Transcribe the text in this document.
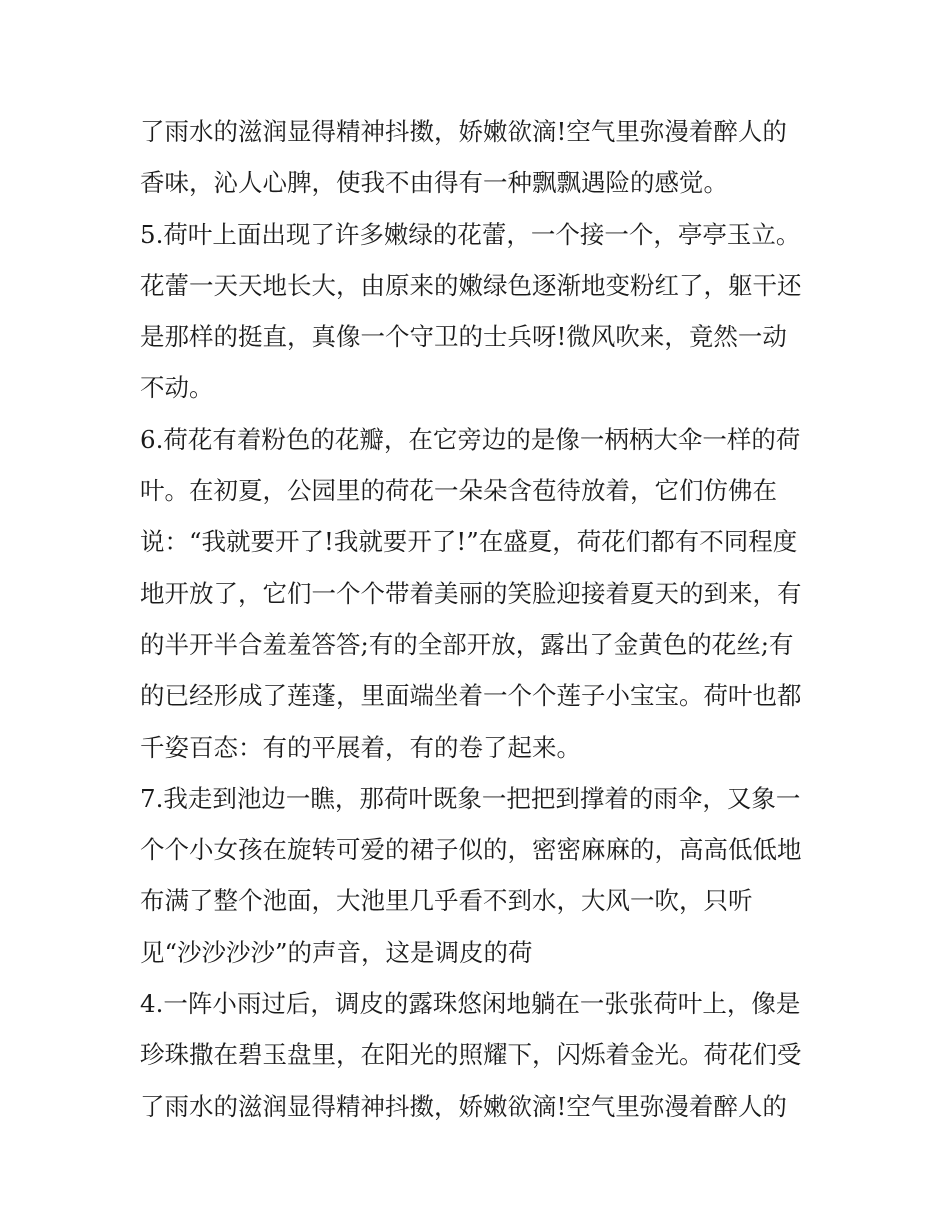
了雨水的滋润显得精神抖擞，娇嫩欲滴!空气里弥漫着醉人的

香味，沁人心脾，使我不由得有一种飘飘遇险的感觉。

5.荷叶上面出现了许多嫩绿的花蕾，一个接一个，亭亭玉立。

花蕾一天天地长大，由原来的嫩绿色逐渐地变粉红了，躯干还

是那样的挺直，真像一个守卫的士兵呀!微风吹来，竟然一动

不动。

6.荷花有着粉色的花瓣，在它旁边的是像一柄柄大伞一样的荷

叶。在初夏，公园里的荷花一朵朵含苞待放着，它们仿佛在

说：“我就要开了!我就要开了!”在盛夏，荷花们都有不同程度

地开放了，它们一个个带着美丽的笑脸迎接着夏天的到来，有

的半开半合羞羞答答;有的全部开放，露出了金黄色的花丝;有

的已经形成了莲蓬，里面端坐着一个个莲子小宝宝。荷叶也都

千姿百态：有的平展着，有的卷了起来。

7.我走到池边一瞧，那荷叶既象一把把到撑着的雨伞，又象一

个个小女孩在旋转可爱的裙子似的，密密麻麻的，高高低低地

布满了整个池面，大池里几乎看不到水，大风一吹，只听

见“沙沙沙沙”的声音，这是调皮的荷

4.一阵小雨过后，调皮的露珠悠闲地躺在一张张荷叶上，像是

珍珠撒在碧玉盘里，在阳光的照耀下，闪烁着金光。荷花们受

了雨水的滋润显得精神抖擞，娇嫩欲滴!空气里弥漫着醉人的
